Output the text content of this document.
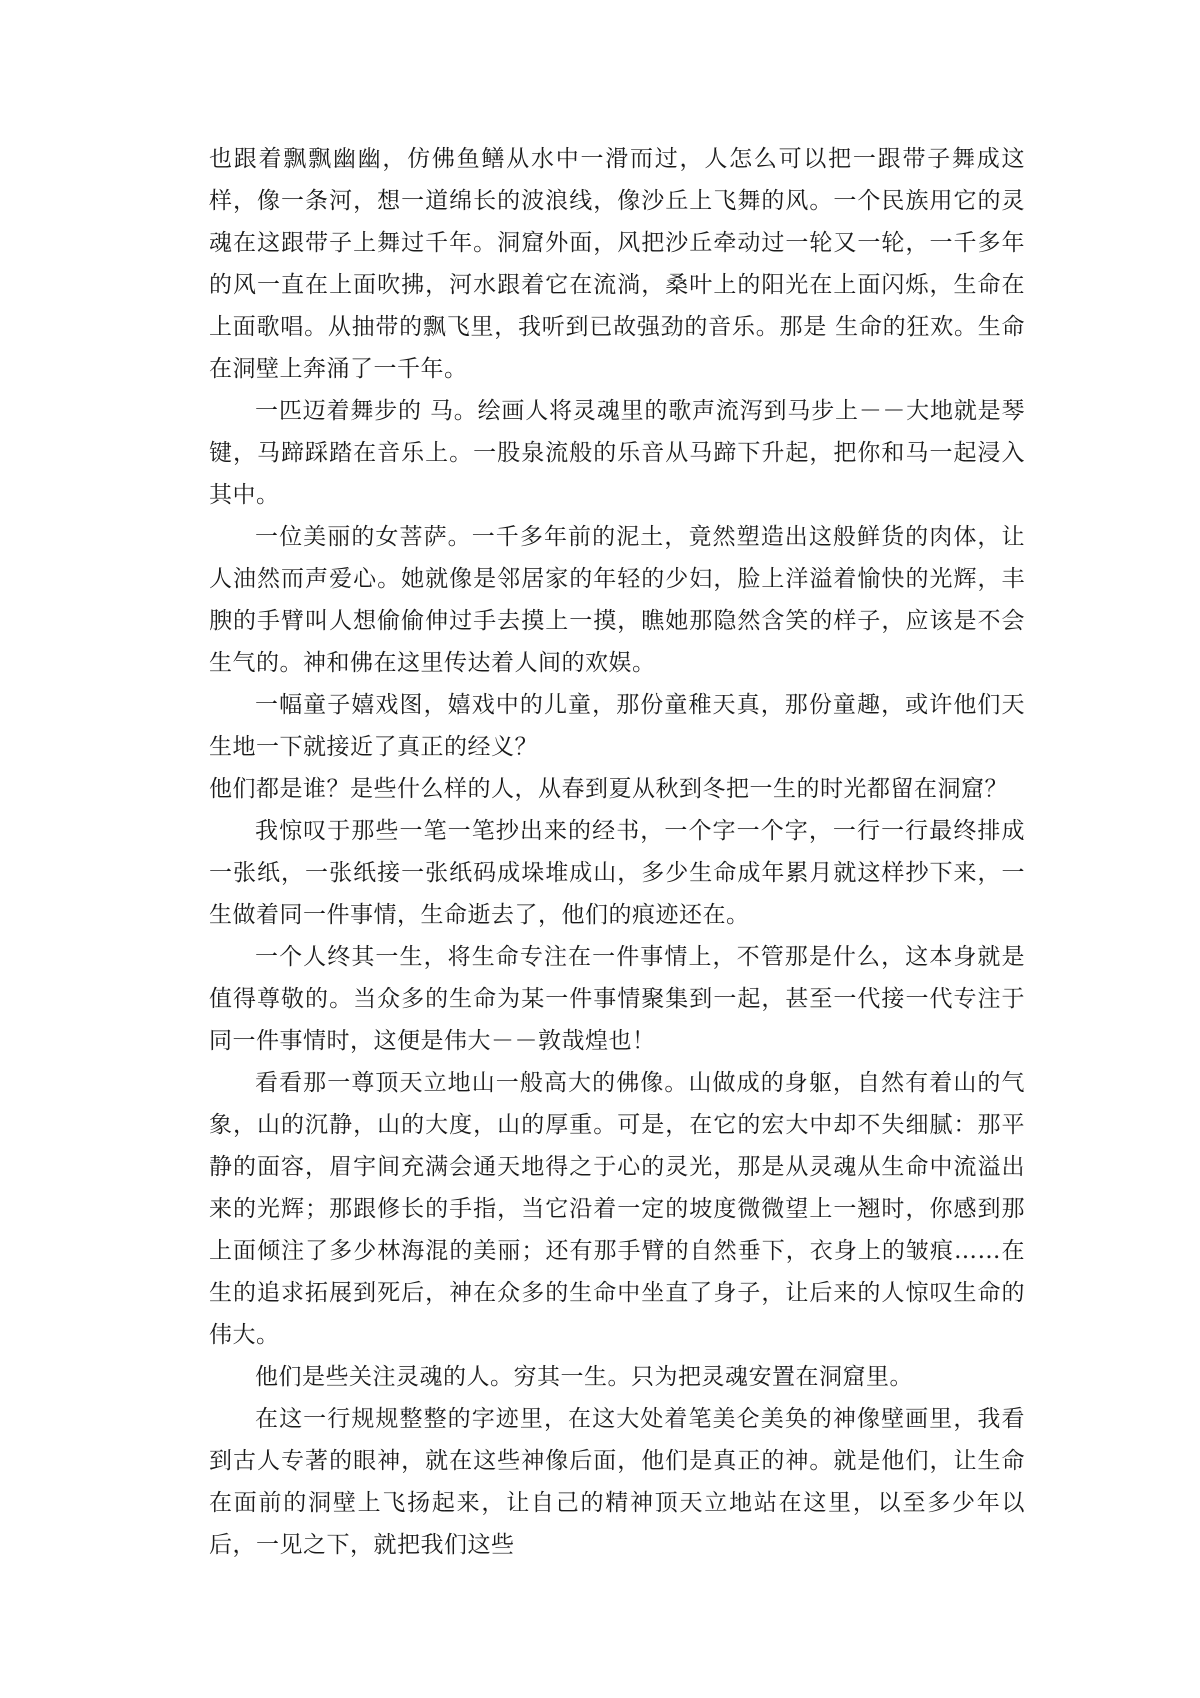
也跟着飘飘幽幽，仿佛鱼鳝从水中一滑而过，人怎么可以把一跟带子舞成这样，像一条河，想一道绵长的波浪线，像沙丘上飞舞的风。一个民族用它的灵魂在这跟带子上舞过千年。洞窟外面，风把沙丘牵动过一轮又一轮，一千多年的风一直在上面吹拂，河水跟着它在流淌，桑叶上的阳光在上面闪烁，生命在上面歌唱。从抽带的飘飞里，我听到已故强劲的音乐。那是 生命的狂欢。生命在洞壁上奔涌了一千年。

一匹迈着舞步的 马。绘画人将灵魂里的歌声流泻到马步上－－大地就是琴键，马蹄踩踏在音乐上。一股泉流般的乐音从马蹄下升起，把你和马一起浸入其中。

一位美丽的女菩萨。一千多年前的泥土，竟然塑造出这般鲜货的肉体，让人油然而声爱心。她就像是邻居家的年轻的少妇，脸上洋溢着愉快的光辉，丰腴的手臂叫人想偷偷伸过手去摸上一摸，瞧她那隐然含笑的样子，应该是不会生气的。神和佛在这里传达着人间的欢娱。

一幅童子嬉戏图，嬉戏中的儿童，那份童稚天真，那份童趣，或许他们天生地一下就接近了真正的经义？

他们都是谁？是些什么样的人，从春到夏从秋到冬把一生的时光都留在洞窟？

我惊叹于那些一笔一笔抄出来的经书，一个字一个字，一行一行最终排成一张纸，一张纸接一张纸码成垛堆成山，多少生命成年累月就这样抄下来，一生做着同一件事情，生命逝去了，他们的痕迹还在。

一个人终其一生，将生命专注在一件事情上，不管那是什么，这本身就是值得尊敬的。当众多的生命为某一件事情聚集到一起，甚至一代接一代专注于同一件事情时，这便是伟大－－敦哉煌也！

看看那一尊顶天立地山一般高大的佛像。山做成的身躯，自然有着山的气象，山的沉静，山的大度，山的厚重。可是，在它的宏大中却不失细腻：那平静的面容，眉宇间充满会通天地得之于心的灵光，那是从灵魂从生命中流溢出来的光辉；那跟修长的手指，当它沿着一定的坡度微微望上一翘时，你感到那上面倾注了多少林海混的美丽；还有那手臂的自然垂下，衣身上的皱痕……在生的追求拓展到死后，神在众多的生命中坐直了身子，让后来的人惊叹生命的伟大。

他们是些关注灵魂的人。穷其一生。只为把灵魂安置在洞窟里。

在这一行规规整整的字迹里，在这大处着笔美仑美奂的神像壁画里，我看到古人专著的眼神，就在这些神像后面，他们是真正的神。就是他们，让生命在面前的洞壁上飞扬起来，让自己的精神顶天立地站在这里，以至多少年以后，一见之下，就把我们这些
